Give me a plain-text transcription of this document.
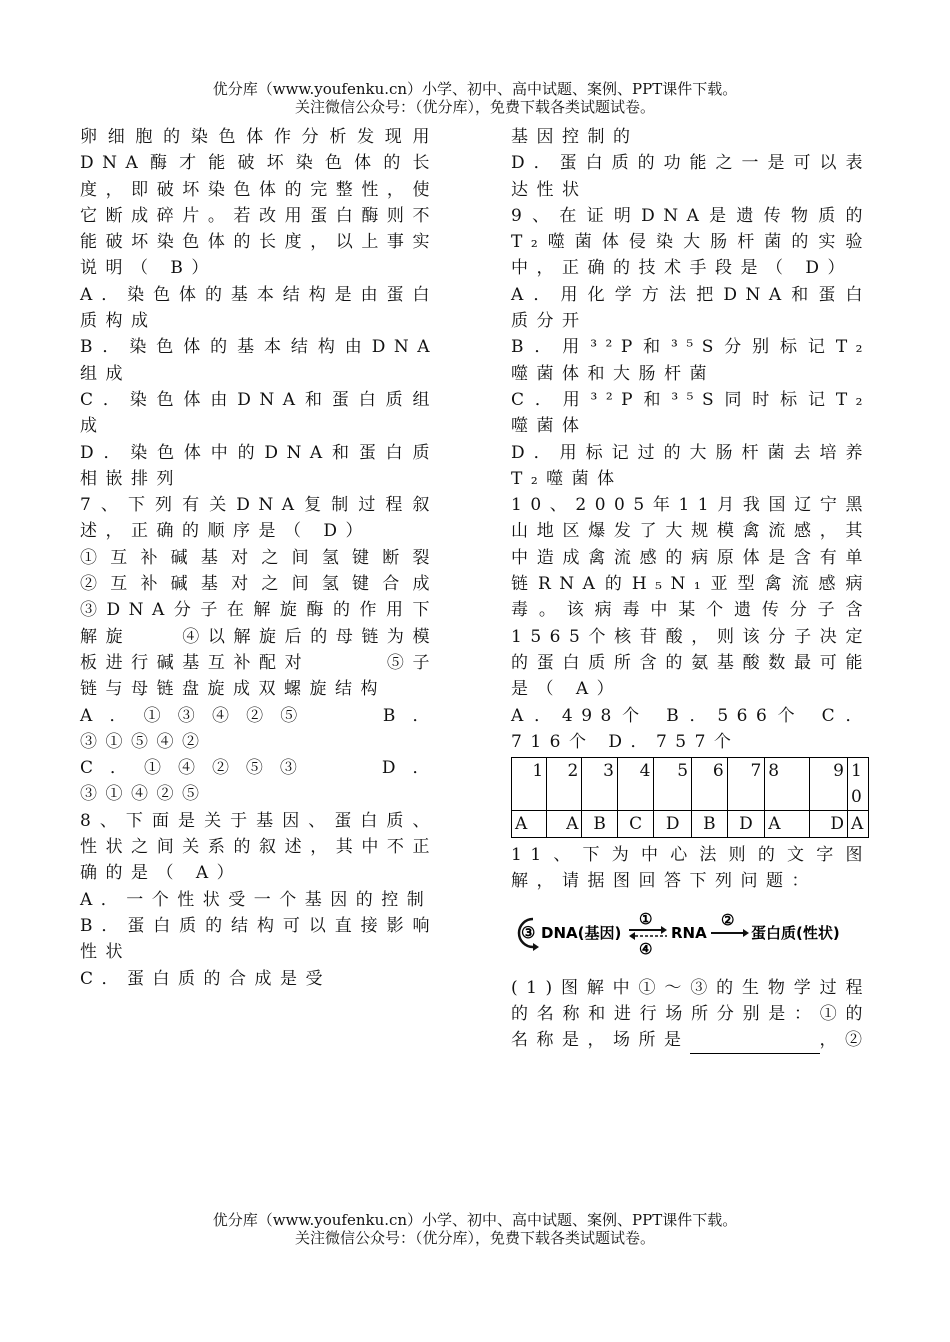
优分库（www.youfenku.cn）小学、初中、高中试题、案例、PPT课件下载。
关注微信公众号：（优分库），免费下载各类试题试卷。

卵细胞的染色体作分析发现用DNA酶才能破坏染色体的长度，即破坏染色体的完整性，使它断成碎片。若改用蛋白酶则不能破坏染色体的长度，以上事实说明（ B）

A．染色体的基本结构是由蛋白质构成

B．染色体的基本结构由DNA组成

C．染色体由DNA和蛋白质组成

D．染色体中的DNA和蛋白质相嵌排列

7、下列有关DNA复制过程叙述，正确的顺序是（ D）

①互补碱基对之间氢键断裂　　　②互补碱基对之间氢键合成　③DNA分子在解旋酶的作用下解旋　　④以解旋后的母链为模板进行碱基互补配对　　　⑤子链与母链盘旋成双螺旋结构

A．①③④②⑤　　B．③①⑤④②

C．①④②⑤③　　D．③①④②⑤

8、下面是关于基因、蛋白质、性状之间关系的叙述，其中不正确的是（ A）

A．一个性状受一个基因的控制

B．蛋白质的结构可以直接影响性状

C．蛋白质的合成是受

基因控制的

D．蛋白质的功能之一是可以表达性状

9、在证明DNA是遗传物质的T₂噬菌体侵染大肠杆菌的实验中，正确的技术手段是（ D）

A．用化学方法把DNA和蛋白质分开

B．用³²P和³⁵S分别标记T₂噬菌体和大肠杆菌

C．用³²P和³⁵S同时标记T₂噬菌体

D．用标记过的大肠杆菌去培养T₂噬菌体

10、2005年11月我国辽宁黑山地区爆发了大规模禽流感，其中造成禽流感的病原体是含有单链RNA的H₅N₁亚型禽流感病毒。该病毒中某个遗传分子含1565个核苷酸，则该分子决定的蛋白质所含的氨基酸数最可能是（ A）

A．498个 B．566个 C．716个 D．757个

1	2	3	4	5	6	7	8	9	1 0
A	A	B	C	D	B	D	A	D	A

11、下为中心法则的文字图解，请据图回答下列问题：

③ DNA(基因)
①
④
RNA
②
蛋白质(性状)

(1)图解中①～③的生物学过程的名称和进行场所分别是：①的名称是，场所是	，②

优分库（www.youfenku.cn）小学、初中、高中试题、案例、PPT课件下载。
关注微信公众号：（优分库），免费下载各类试题试卷。
